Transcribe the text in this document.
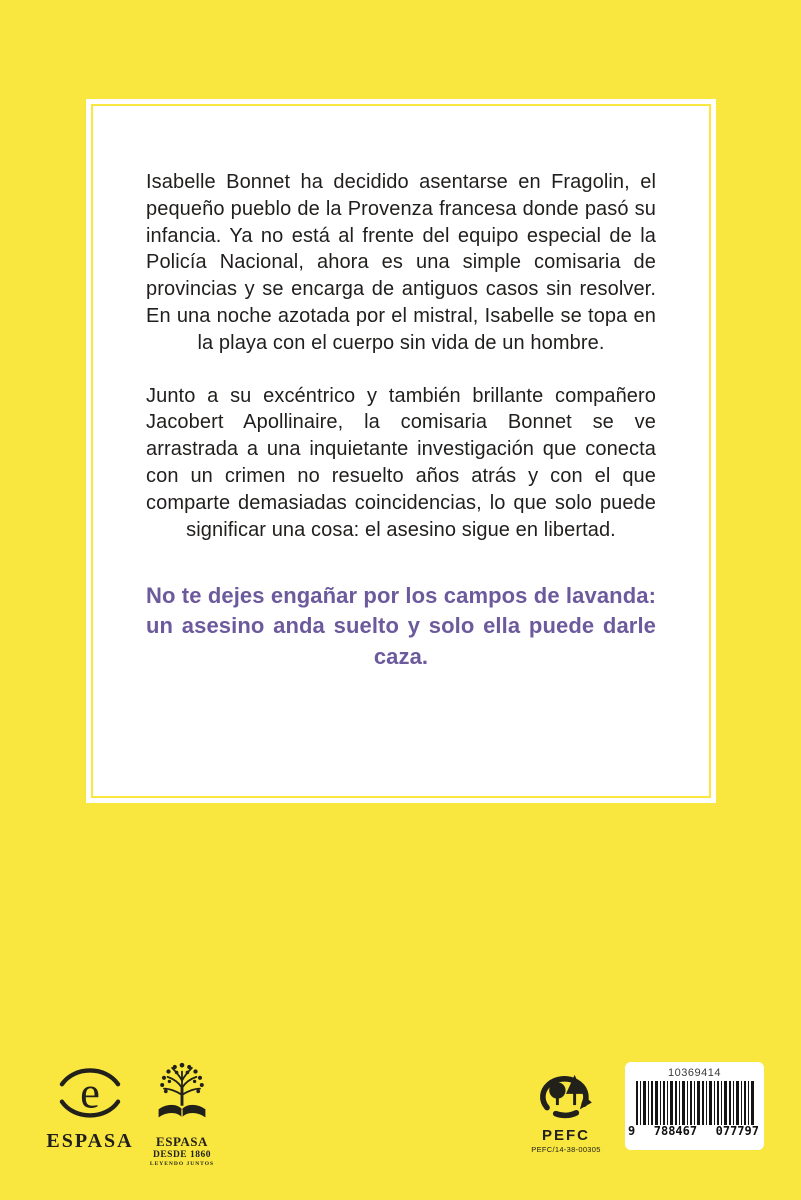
Isabelle Bonnet ha decidido asentarse en Fragolin, el pequeño pueblo de la Provenza francesa donde pasó su infancia. Ya no está al frente del equipo especial de la Policía Nacional, ahora es una simple comisaria de provincias y se encarga de antiguos casos sin resolver. En una noche azotada por el mistral, Isabelle se topa en la playa con el cuerpo sin vida de un hombre.

Junto a su excéntrico y también brillante compañero Jacobert Apollinaire, la comisaria Bonnet se ve arrastrada a una inquietante investigación que conecta con un crimen no resuelto años atrás y con el que comparte demasiadas coincidencias, lo que solo puede significar una cosa: el asesino sigue en libertad.

No te dejes engañar por los campos de lavanda: un asesino anda suelto y solo ella puede darle caza.

e
ESPASA	ESPASA
DESDE 1860
LEYENDO JUNTOS
PEFC
PEFC/14-38-00305
10369414
9 788467 077797
